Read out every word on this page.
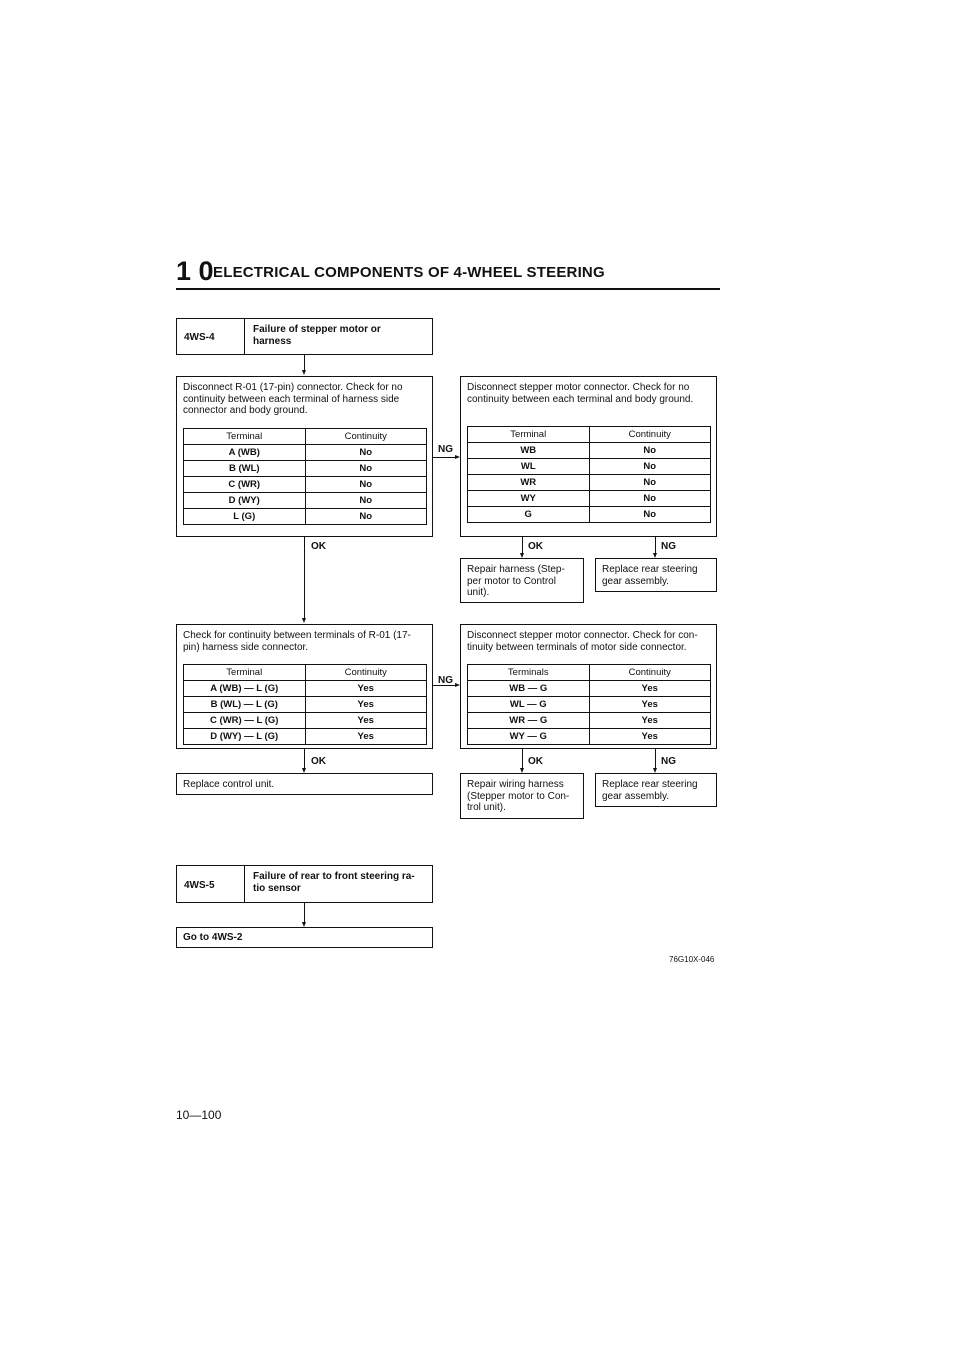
1 0 ELECTRICAL COMPONENTS OF 4-WHEEL STEERING
4WS-4
Failure of stepper motor or harness
Disconnect R-01 (17-pin) connector. Check for no continuity between each terminal of harness side connector and body ground.
Terminal	Continuity
A (WB)	No
B (WL)	No
C (WR)	No
D (WY)	No
L (G)	No
NG
Disconnect stepper motor connector. Check for no continuity between each terminal and body ground.
Terminal	Continuity
WB	No
WL	No
WR	No
WY	No
G	No
OK	NG
Repair harness (Step- per motor to Control unit).
Replace rear steering gear assembly.
OK
Check for continuity between terminals of R-01 (17-pin) harness side connector.
Terminal	Continuity
A (WB) — L (G)	Yes
B (WL) — L (G)	Yes
C (WR) — L (G)	Yes
D (WY) — L (G)	Yes
NG
Disconnect stepper motor connector. Check for con- tinuity between terminals of motor side connector.
Terminals	Continuity
WB — G	Yes
WL — G	Yes
WR — G	Yes
WY — G	Yes
OK
Replace control unit.
OK	NG
Repair wiring harness (Stepper motor to Con- trol unit).
Replace rear steering gear assembly.
4WS-5
Failure of rear to front steering ra- tio sensor
Go to 4WS-2
76G10X-046
10—100
